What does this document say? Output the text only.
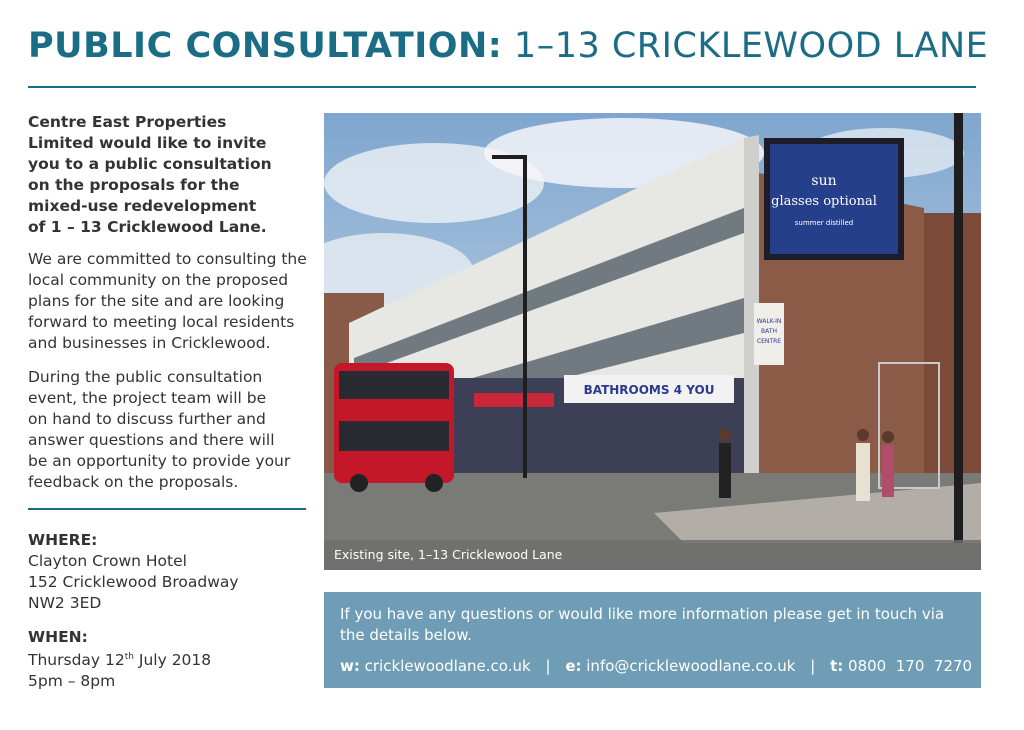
PUBLIC CONSULTATION: 1–13 CRICKLEWOOD LANE
Centre East Properties
Limited would like to invite
you to a public consultation
on the proposals for the
mixed-use redevelopment
of 1 – 13 Cricklewood Lane.
We are committed to consulting the
local community on the proposed
plans for the site and are looking
forward to meeting local residents
and businesses in Cricklewood.
During the public consultation
event, the project team will be
on hand to discuss further and
answer questions and there will
be an opportunity to provide your
feedback on the proposals.
WHERE:
Clayton Crown Hotel
152 Cricklewood Broadway
NW2 3ED
WHEN:
Thursday 12th July 2018
5pm – 8pm
sun
glasses optional
summer distilled
BATHROOMS 4 YOU
WALK-IN
BATH
CENTRE
Existing site, 1–13 Cricklewood Lane
If you have any questions or would like more information please get in touch via the details below.
w: cricklewoodlane.co.uk | e: info@cricklewoodlane.co.uk | t: 0800  170  7270
